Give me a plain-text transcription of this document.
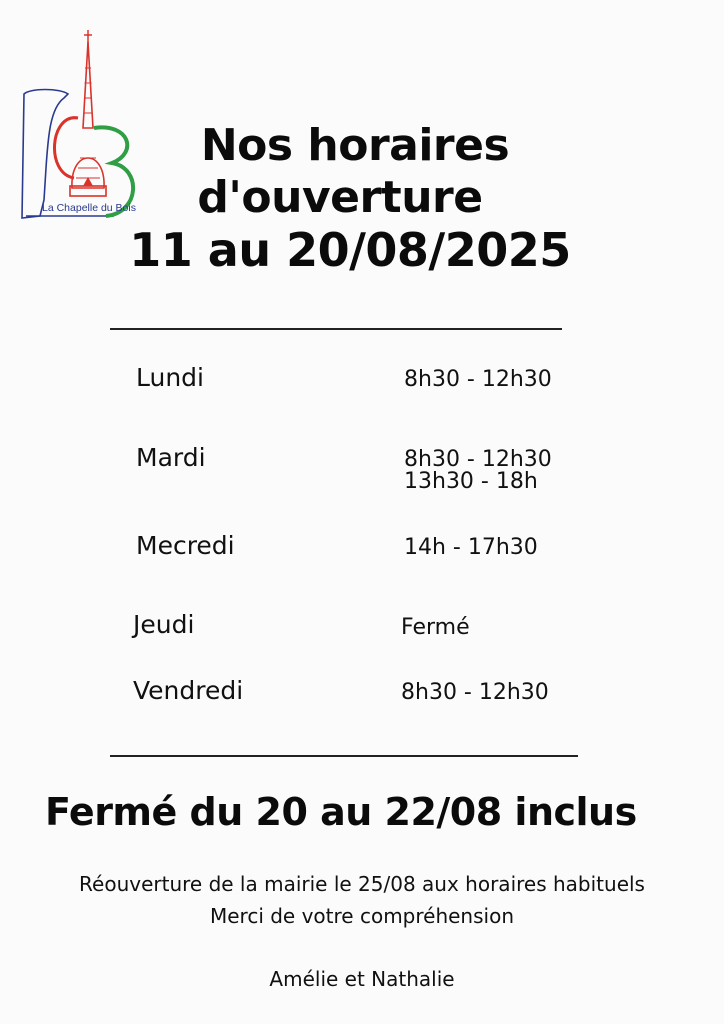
La Chapelle du Bois
Nos horaires
d'ouverture
11 au 20/08/2025
Lundi	8h30 - 12h30
Mardi	8h30 - 12h30
13h30 - 18h
Mecredi	14h - 17h30
Jeudi	Fermé
Vendredi	8h30 - 12h30
Fermé du 20 au 22/08 inclus
Réouverture de la mairie le 25/08 aux horaires habituels
Merci de votre compréhension
Amélie et Nathalie
